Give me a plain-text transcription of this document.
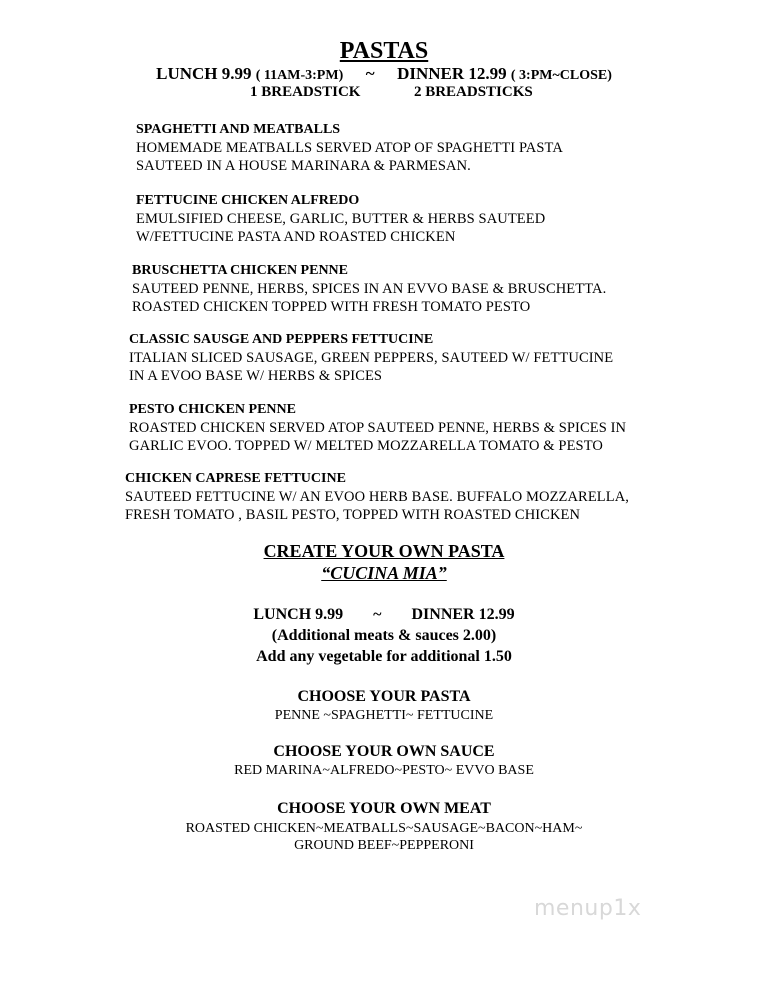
PASTAS
LUNCH 9.99 ( 11AM-3:PM) ~ DINNER 12.99 ( 3:PM~CLOSE)
1 BREADSTICK	2 BREADSTICKS
SPAGHETTI AND MEATBALLS
HOMEMADE MEATBALLS SERVED ATOP OF SPAGHETTI PASTA
SAUTEED IN A HOUSE MARINARA & PARMESAN.
FETTUCINE CHICKEN ALFREDO
EMULSIFIED CHEESE, GARLIC, BUTTER & HERBS SAUTEED
W/FETTUCINE PASTA AND ROASTED CHICKEN
BRUSCHETTA CHICKEN PENNE
SAUTEED PENNE, HERBS, SPICES IN AN EVVO BASE & BRUSCHETTA.
ROASTED CHICKEN TOPPED WITH FRESH TOMATO PESTO
CLASSIC SAUSGE AND PEPPERS FETTUCINE
ITALIAN SLICED SAUSAGE, GREEN PEPPERS, SAUTEED W/ FETTUCINE
IN A EVOO BASE W/ HERBS & SPICES
PESTO CHICKEN PENNE
ROASTED CHICKEN SERVED ATOP SAUTEED PENNE, HERBS & SPICES IN
GARLIC EVOO. TOPPED W/ MELTED MOZZARELLA TOMATO & PESTO
CHICKEN CAPRESE FETTUCINE
SAUTEED FETTUCINE W/ AN EVOO HERB BASE. BUFFALO MOZZARELLA,
FRESH TOMATO , BASIL PESTO, TOPPED WITH ROASTED CHICKEN
CREATE YOUR OWN PASTA
“CUCINA MIA”
LUNCH 9.99 ~ DINNER 12.99
(Additional meats & sauces 2.00)
Add any vegetable for additional 1.50
CHOOSE YOUR PASTA
PENNE ~SPAGHETTI~ FETTUCINE
CHOOSE YOUR OWN SAUCE
RED MARINA~ALFREDO~PESTO~ EVVO BASE
CHOOSE YOUR OWN MEAT
ROASTED CHICKEN~MEATBALLS~SAUSAGE~BACON~HAM~
GROUND BEEF~PEPPERONI
menup1x
